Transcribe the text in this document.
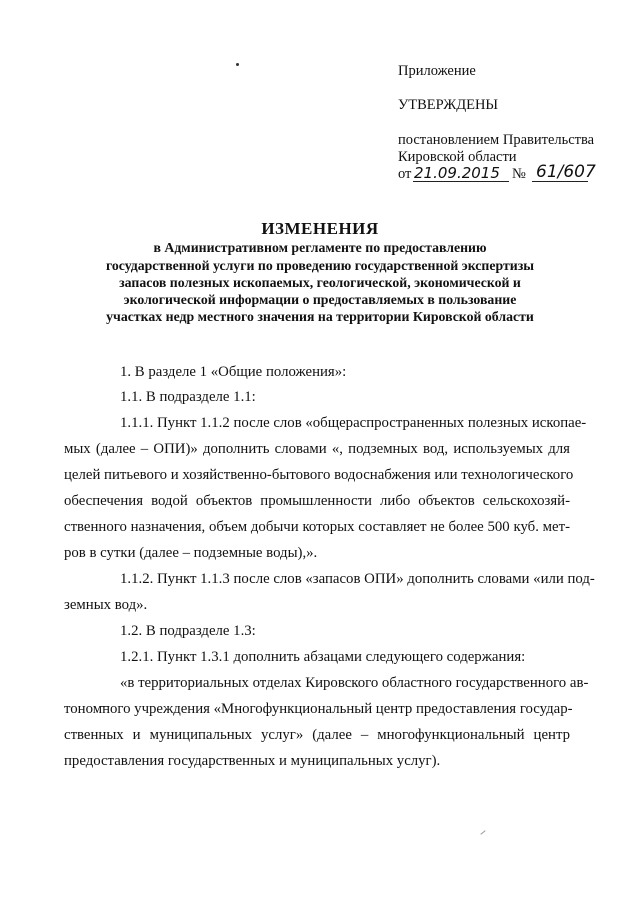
Приложение
УТВЕРЖДЕНЫ
постановлением Правительства
Кировской области
от 21.09.2015 № 61/607
ИЗМЕНЕНИЯ
в Административном регламенте по предоставлению
государственной услуги по проведению государственной экспертизы
запасов полезных ископаемых, геологической, экономической и
экологической информации о предоставляемых в пользование
участках недр местного значения на территории Кировской области
1. В разделе 1 «Общие положения»:
1.1. В подразделе 1.1:
1.1.1. Пункт 1.1.2 после слов «общераспространенных полезных ископае-
мых (далее – ОПИ)» дополнить словами «, подземных вод, используемых для
целей питьевого и хозяйственно-бытового водоснабжения или технологического
обеспечения водой объектов промышленности либо объектов сельскохозяй-
ственного назначения, объем добычи которых составляет не более 500 куб. мет-
ров в сутки (далее – подземные воды),».
1.1.2. Пункт 1.1.3 после слов «запасов ОПИ» дополнить словами «или под-
земных вод».
1.2. В подразделе 1.3:
1.2.1. Пункт 1.3.1 дополнить абзацами следующего содержания:
«в территориальных отделах Кировского областного государственного ав-
тономного учреждения «Многофункциональный центр предоставления государ-
ственных и муниципальных услуг» (далее – многофункциональный центр
предоставления государственных и муниципальных услуг).
